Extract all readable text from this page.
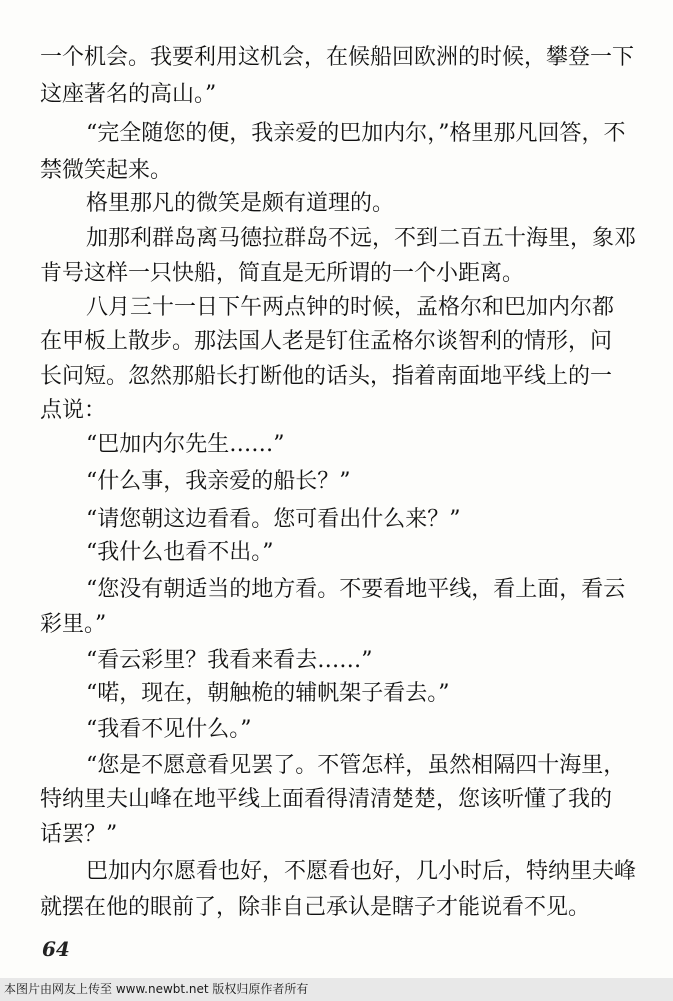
一个机会。我要利用这机会，在候船回欧洲的时候，攀登一下
这座著名的高山。”
“完全随您的便，我亲爱的巴加内尔，”格里那凡回答，不
禁微笑起来。
格里那凡的微笑是颇有道理的。
加那利群岛离马德拉群岛不远，不到二百五十海里，象邓
肯号这样一只快船，简直是无所谓的一个小距离。
八月三十一日下午两点钟的时候，孟格尔和巴加内尔都
在甲板上散步。那法国人老是钉住孟格尔谈智利的情形，问
长问短。忽然那船长打断他的话头，指着南面地平线上的一
点说：
“巴加内尔先生……”
“什么事，我亲爱的船长？”
“请您朝这边看看。您可看出什么来？”
“我什么也看不出。”
“您没有朝适当的地方看。不要看地平线，看上面，看云
彩里。”
“看云彩里？我看来看去……”
“喏，现在，朝触桅的辅帆架子看去。”
“我看不见什么。”
“您是不愿意看见罢了。不管怎样，虽然相隔四十海里，
特纳里夫山峰在地平线上面看得清清楚楚，您该听懂了我的
话罢？”
巴加内尔愿看也好，不愿看也好，几小时后，特纳里夫峰
就摆在他的眼前了，除非自己承认是瞎子才能说看不见。
64
本图片由网友上传至 www.newbt.net 版权归原作者所有
